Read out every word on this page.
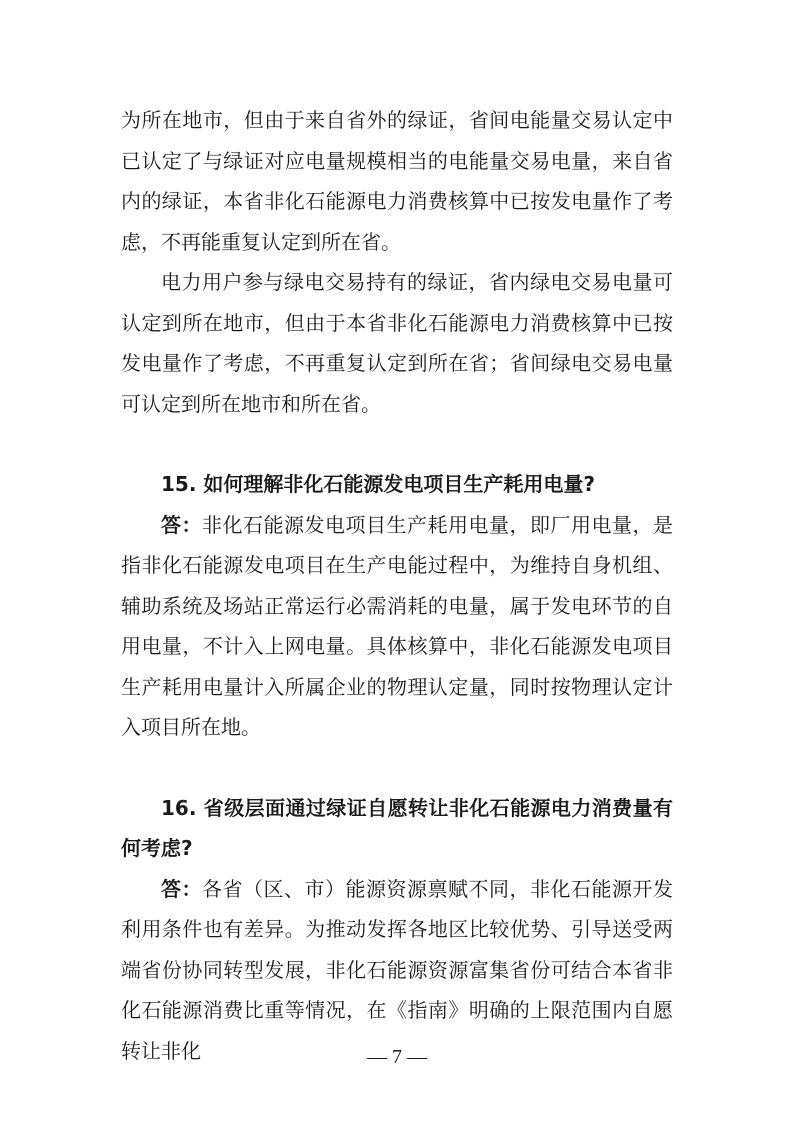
为所在地市，但由于来自省外的绿证，省间电能量交易认定中已认定了与绿证对应电量规模相当的电能量交易电量，来自省内的绿证，本省非化石能源电力消费核算中已按发电量作了考虑，不再能重复认定到所在省。

电力用户参与绿电交易持有的绿证，省内绿电交易电量可认定到所在地市，但由于本省非化石能源电力消费核算中已按发电量作了考虑，不再重复认定到所在省；省间绿电交易电量可认定到所在地市和所在省。

15. 如何理解非化石能源发电项目生产耗用电量?

答：非化石能源发电项目生产耗用电量，即厂用电量，是指非化石能源发电项目在生产电能过程中，为维持自身机组、辅助系统及场站正常运行必需消耗的电量，属于发电环节的自用电量，不计入上网电量。具体核算中，非化石能源发电项目生产耗用电量计入所属企业的物理认定量，同时按物理认定计入项目所在地。

16. 省级层面通过绿证自愿转让非化石能源电力消费量有何考虑?

答：各省（区、市）能源资源禀赋不同，非化石能源开发利用条件也有差异。为推动发挥各地区比较优势、引导送受两端省份协同转型发展，非化石能源资源富集省份可结合本省非化石能源消费比重等情况，在《指南》明确的上限范围内自愿转让非化	— 7 —
